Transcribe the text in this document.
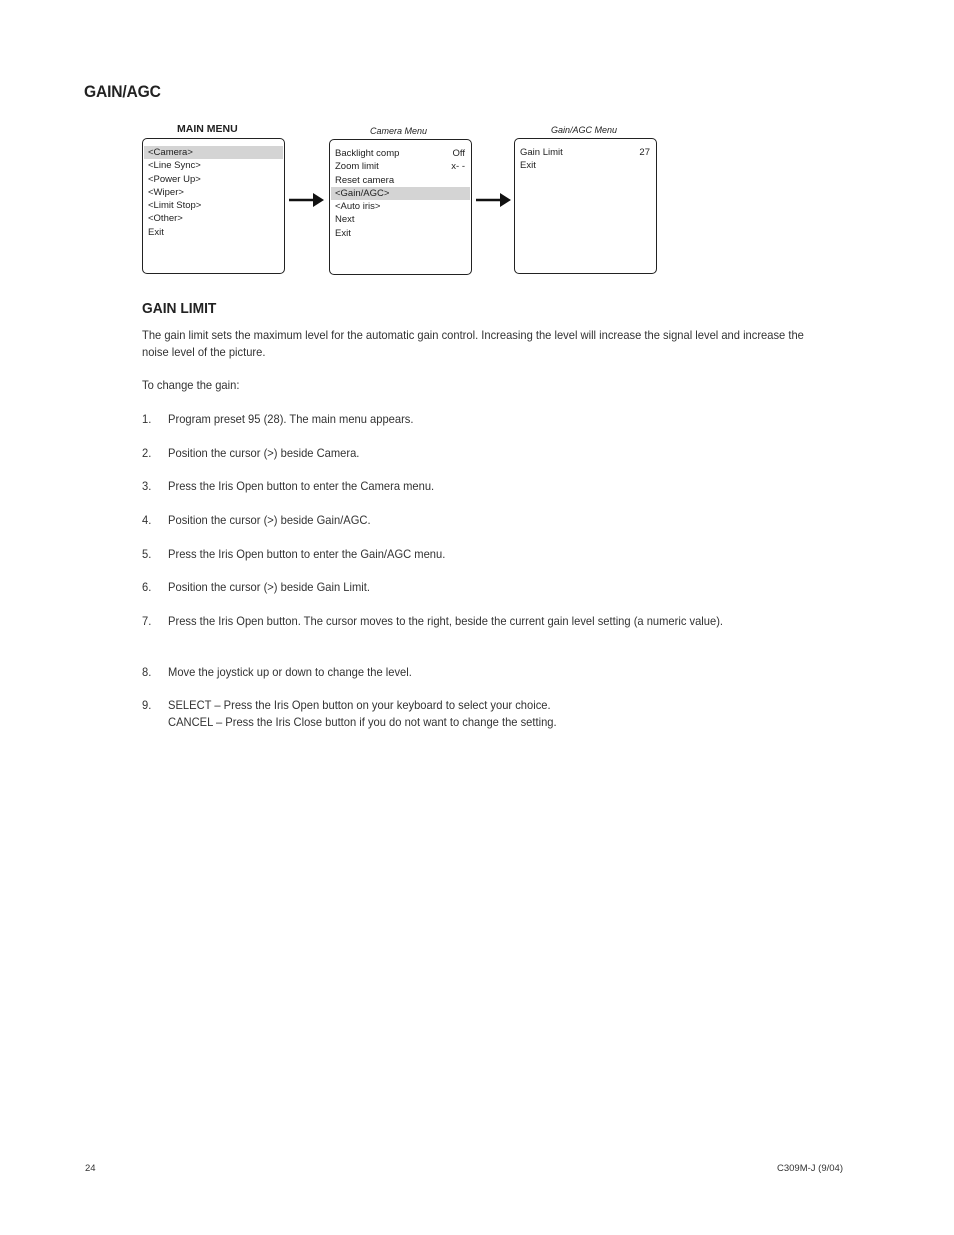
GAIN/AGC
MAIN MENU
<Camera>
<Line Sync>
<Power Up>
<Wiper>
<Limit Stop>
<Other>
Exit
Camera Menu
Backlight comp	Off
Zoom limit	x- -
Reset camera
<Gain/AGC>
<Auto iris>
Next
Exit
Gain/AGC Menu
Gain Limit	27
Exit
GAIN LIMIT
The gain limit sets the maximum level for the automatic gain control. Increasing the level will increase the signal level and increase the
noise level of the picture.
To change the gain:
1. Program preset 95 (28). The main menu appears.
2. Position the cursor (>) beside Camera.
3. Press the Iris Open button to enter the Camera menu.
4. Position the cursor (>) beside Gain/AGC.
5. Press the Iris Open button to enter the Gain/AGC menu.
6. Position the cursor (>) beside Gain Limit.
7. Press the Iris Open button. The cursor moves to the right, beside the current gain level setting (a numeric value).
8. Move the joystick up or down to change the level.
9. SELECT – Press the Iris Open button on your keyboard to select your choice.
CANCEL – Press the Iris Close button if you do not want to change the setting.
24	C309M-J (9/04)
